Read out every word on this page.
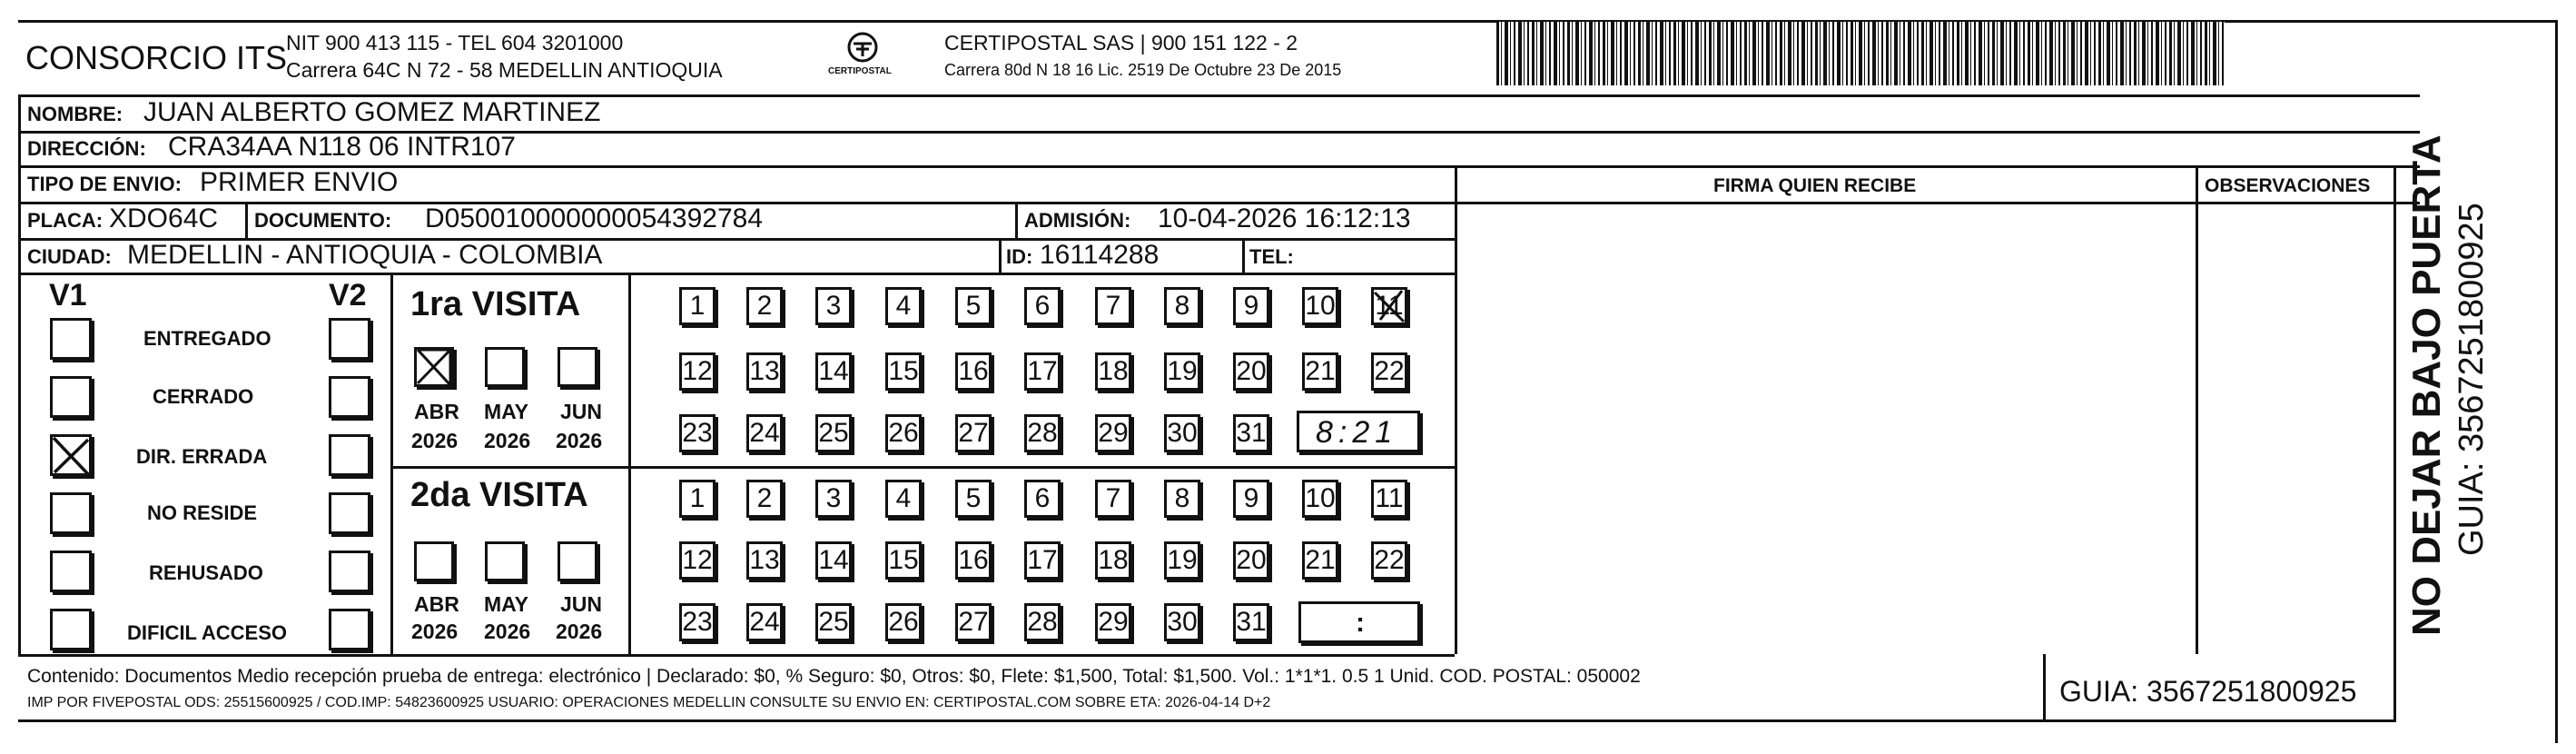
CONSORCIO ITS
NIT 900 413 115 - TEL 604 3201000
Carrera 64C N 72 - 58 MEDELLIN ANTIOQUIA	CERTIPOSTAL
CERTIPOSTAL SAS | 900 151 122 - 2
Carrera 80d N 18 16 Lic. 2519 De Octubre 23 De 2015
NOMBRE: JUAN ALBERTO GOMEZ MARTINEZ
DIRECCIÓN: CRA34AA N118 06 INTR107
TIPO DE ENVIO: PRIMER ENVIO	FIRMA QUIEN RECIBE	OBSERVACIONES
PLACA: XDO64C DOCUMENTO: D050010000000054392784	ADMISIÓN: 10-04-2026 16:12:13
CIUDAD: MEDELLIN - ANTIOQUIA - COLOMBIA	ID: 16114288	TEL:
V1	V2
ENTREGADO
CERRADO
DIR. ERRADA
NO RESIDE
REHUSADO
DIFICIL ACCESO
1ra VISITA
ABR MAY JUN
2026 2026 2026
1	2	3	4	5	6	7	8	9	10 11
12 13 14 15 16 17 18 19 20 21 22
23 24 25 26 27 28 29 30 31 8:21
2da VISITA
ABR MAY JUN
2026 2026 2026
1	2	3	4	5	6	7	8	9	10 11
12 13 14 15 16 17 18 19 20 21 22
23 24 25 26 27 28 29 30 31	:
Contenido: Documentos Medio recepción prueba de entrega: electrónico | Declarado: $0, % Seguro: $0, Otros: $0, Flete: $1,500, Total: $1,500. Vol.: 1*1*1. 0.5 1 Unid. COD. POSTAL: 050002
IMP POR FIVEPOSTAL ODS: 25515600925 / COD.IMP: 54823600925 USUARIO: OPERACIONES MEDELLIN CONSULTE SU ENVIO EN: CERTIPOSTAL.COM SOBRE ETA: 2026-04-14 D+2	GUIA: 3567251800925
NO DEJAR BAJO PUERTA GUIA: 3567251800925
